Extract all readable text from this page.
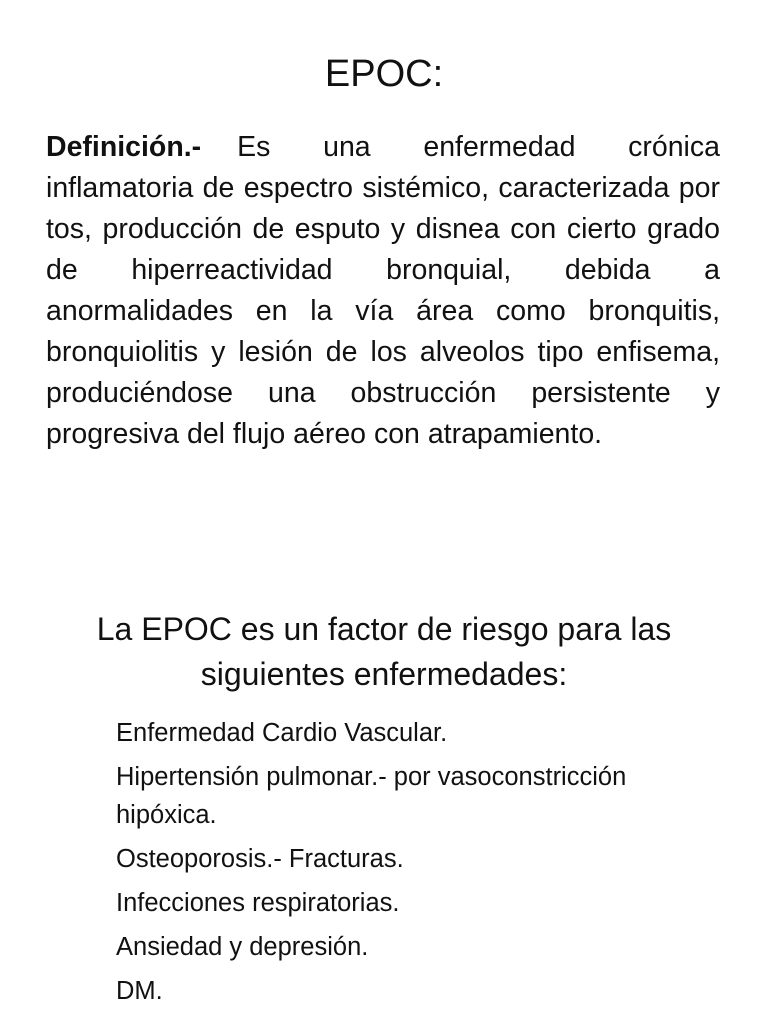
EPOC:

Definición.- Es una enfermedad crónica inflamatoria de espectro sistémico, caracterizada por tos, producción de esputo y disnea con cierto grado de hiperreactividad bronquial, debida a anormalidades en la vía área como bronquitis, bronquiolitis y lesión de los alveolos tipo enfisema, produciéndose una obstrucción persistente y progresiva del flujo aéreo con atrapamiento.

La EPOC es un factor de riesgo para las siguientes enfermedades:
Enfermedad Cardio Vascular.
Hipertensión pulmonar.- por vasoconstricción hipóxica.
Osteoporosis.- Fracturas.
Infecciones respiratorias.
Ansiedad y depresión.
DM.
